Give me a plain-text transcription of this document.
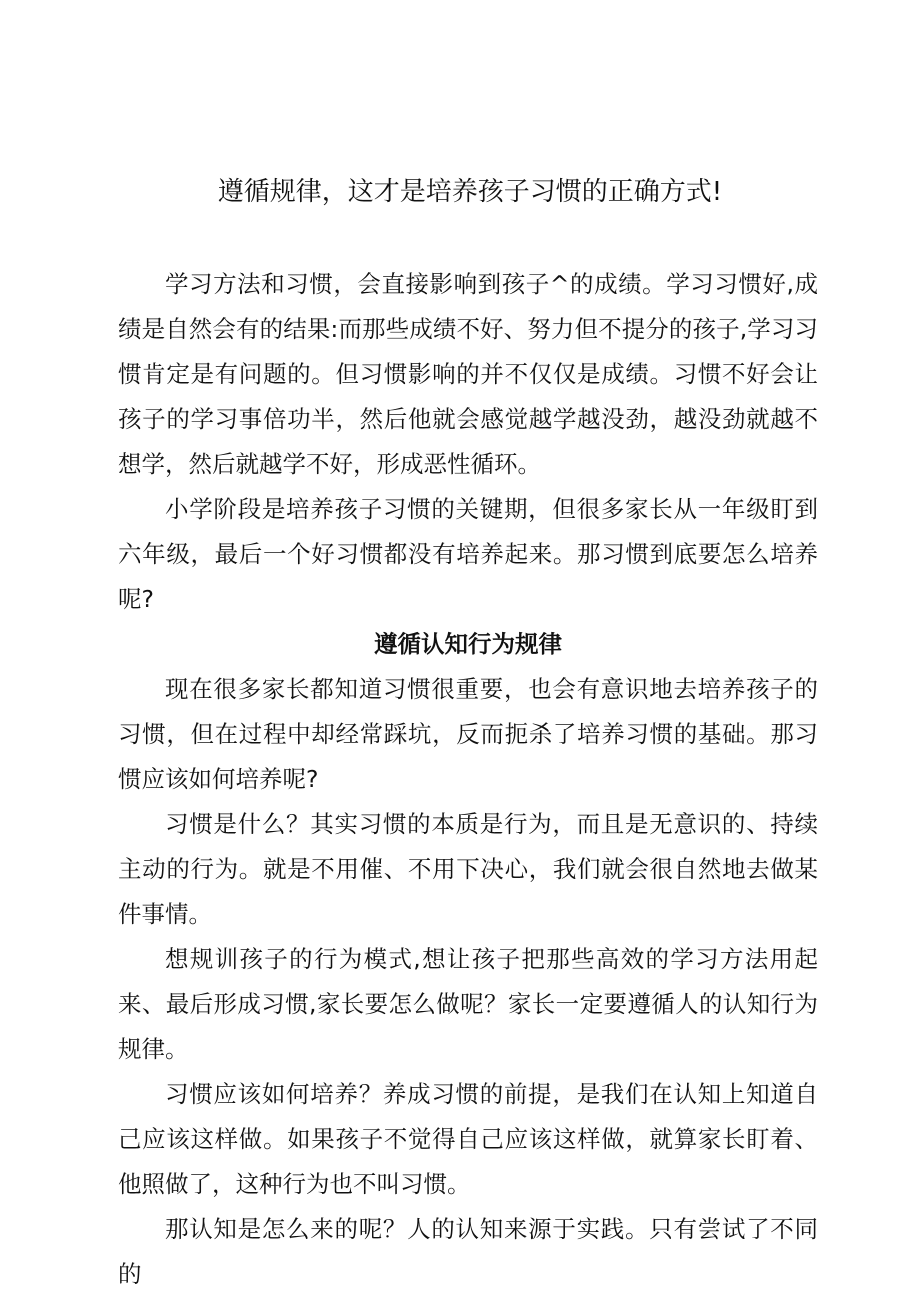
遵循规律，这才是培养孩子习惯的正确方式!

学习方法和习惯，会直接影响到孩子^的成绩。学习习惯好,成绩是自然会有的结果:而那些成绩不好、努力但不提分的孩子,学习习惯肯定是有问题的。但习惯影响的并不仅仅是成绩。习惯不好会让孩子的学习事倍功半，然后他就会感觉越学越没劲，越没劲就越不想学，然后就越学不好，形成恶性循环。

小学阶段是培养孩子习惯的关键期，但很多家长从一年级盯到六年级，最后一个好习惯都没有培养起来。那习惯到底要怎么培养呢?

遵循认知行为规律

现在很多家长都知道习惯很重要，也会有意识地去培养孩子的习惯，但在过程中却经常踩坑，反而扼杀了培养习惯的基础。那习惯应该如何培养呢?

习惯是什么？其实习惯的本质是行为，而且是无意识的、持续主动的行为。就是不用催、不用下决心，我们就会很自然地去做某件事情。

想规训孩子的行为模式,想让孩子把那些高效的学习方法用起来、最后形成习惯,家长要怎么做呢？家长一定要遵循人的认知行为规律。

习惯应该如何培养？养成习惯的前提，是我们在认知上知道自己应该这样做。如果孩子不觉得自己应该这样做，就算家长盯着、他照做了，这种行为也不叫习惯。

那认知是怎么来的呢？人的认知来源于实践。只有尝试了不同的
